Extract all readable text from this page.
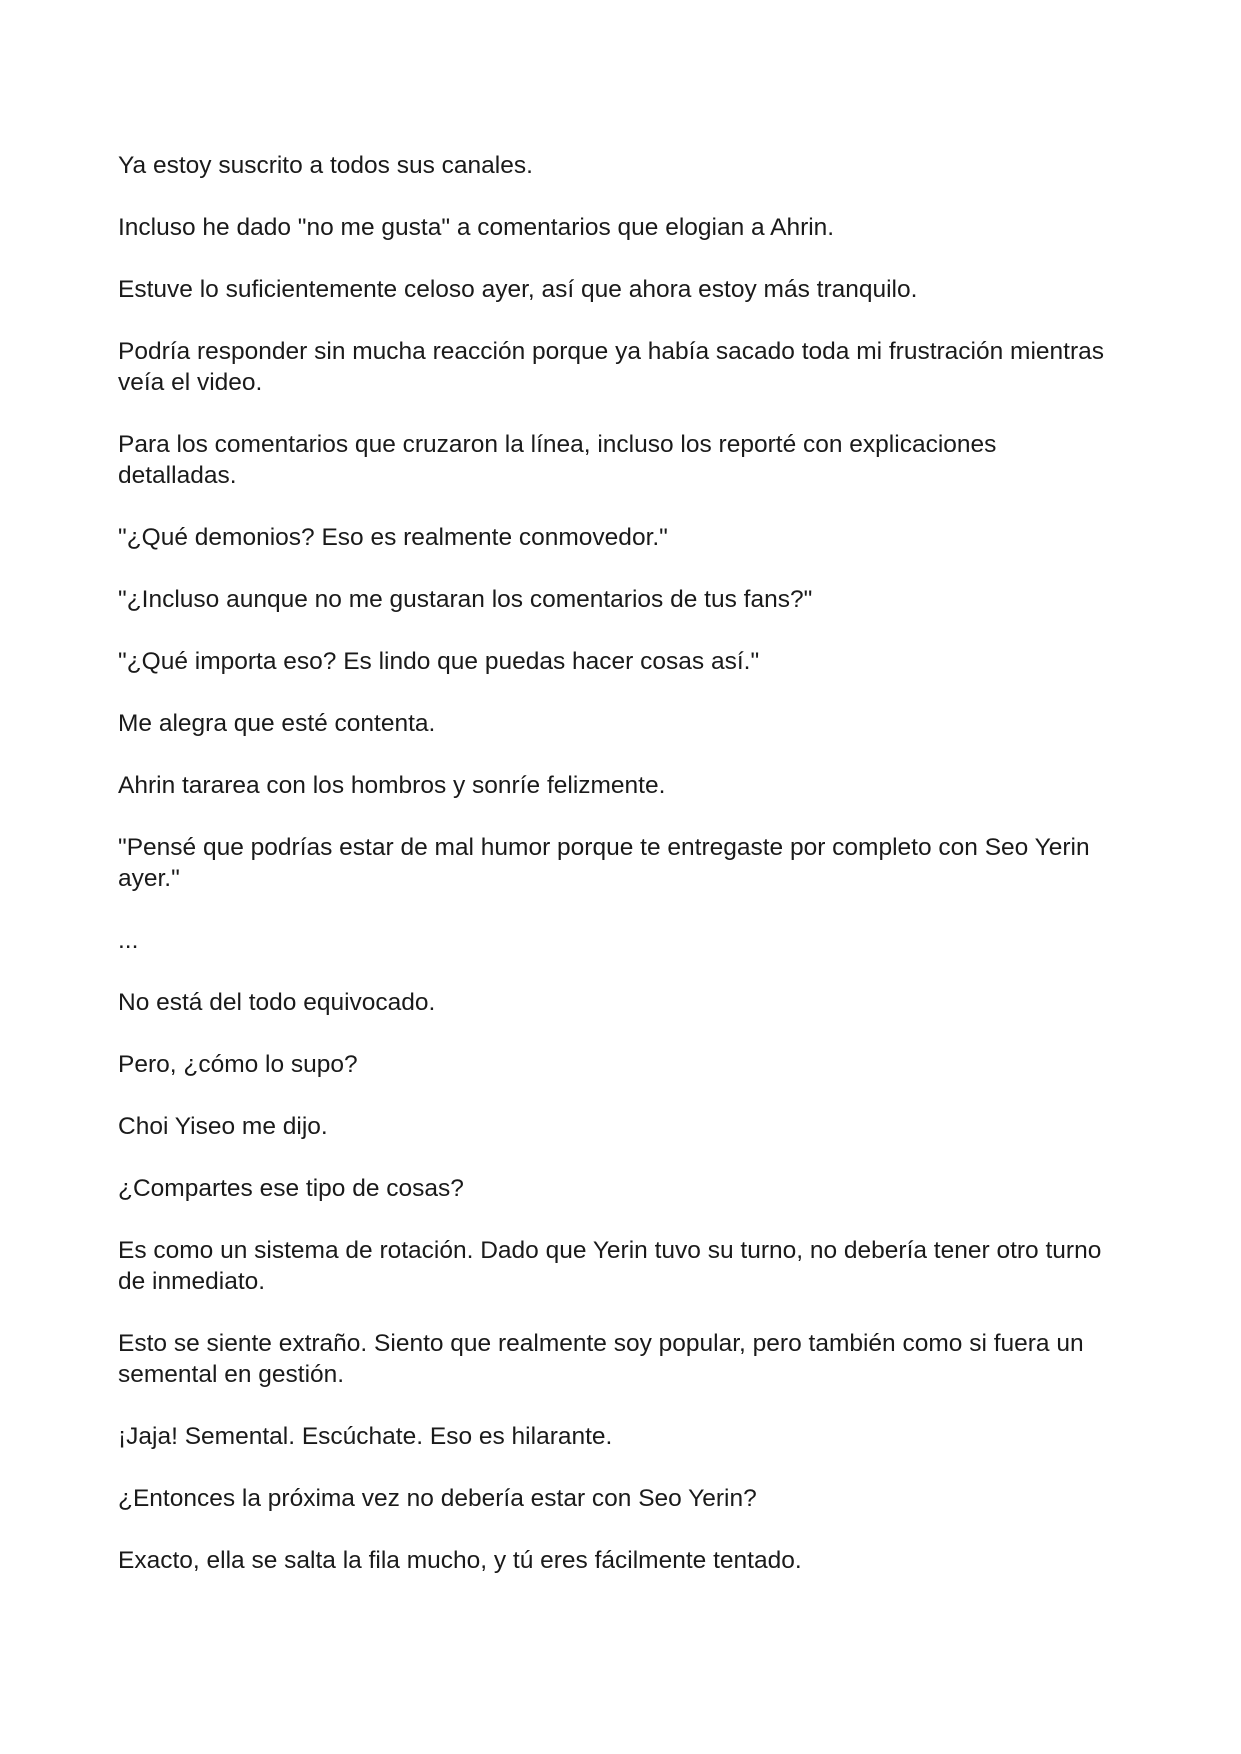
Ya estoy suscrito a todos sus canales.

Incluso he dado "no me gusta" a comentarios que elogian a Ahrin.

Estuve lo suficientemente celoso ayer, así que ahora estoy más tranquilo.

Podría responder sin mucha reacción porque ya había sacado toda mi frustración mientras veía el video.

Para los comentarios que cruzaron la línea, incluso los reporté con explicaciones detalladas.

"¿Qué demonios? Eso es realmente conmovedor."

"¿Incluso aunque no me gustaran los comentarios de tus fans?"

"¿Qué importa eso? Es lindo que puedas hacer cosas así."

Me alegra que esté contenta.

Ahrin tararea con los hombros y sonríe felizmente.

"Pensé que podrías estar de mal humor porque te entregaste por completo con Seo Yerin ayer."

...

No está del todo equivocado.

Pero, ¿cómo lo supo?

Choi Yiseo me dijo.

¿Compartes ese tipo de cosas?

Es como un sistema de rotación. Dado que Yerin tuvo su turno, no debería tener otro turno de inmediato.

Esto se siente extraño. Siento que realmente soy popular, pero también como si fuera un semental en gestión.

¡Jaja! Semental. Escúchate. Eso es hilarante.

¿Entonces la próxima vez no debería estar con Seo Yerin?

Exacto, ella se salta la fila mucho, y tú eres fácilmente tentado.
